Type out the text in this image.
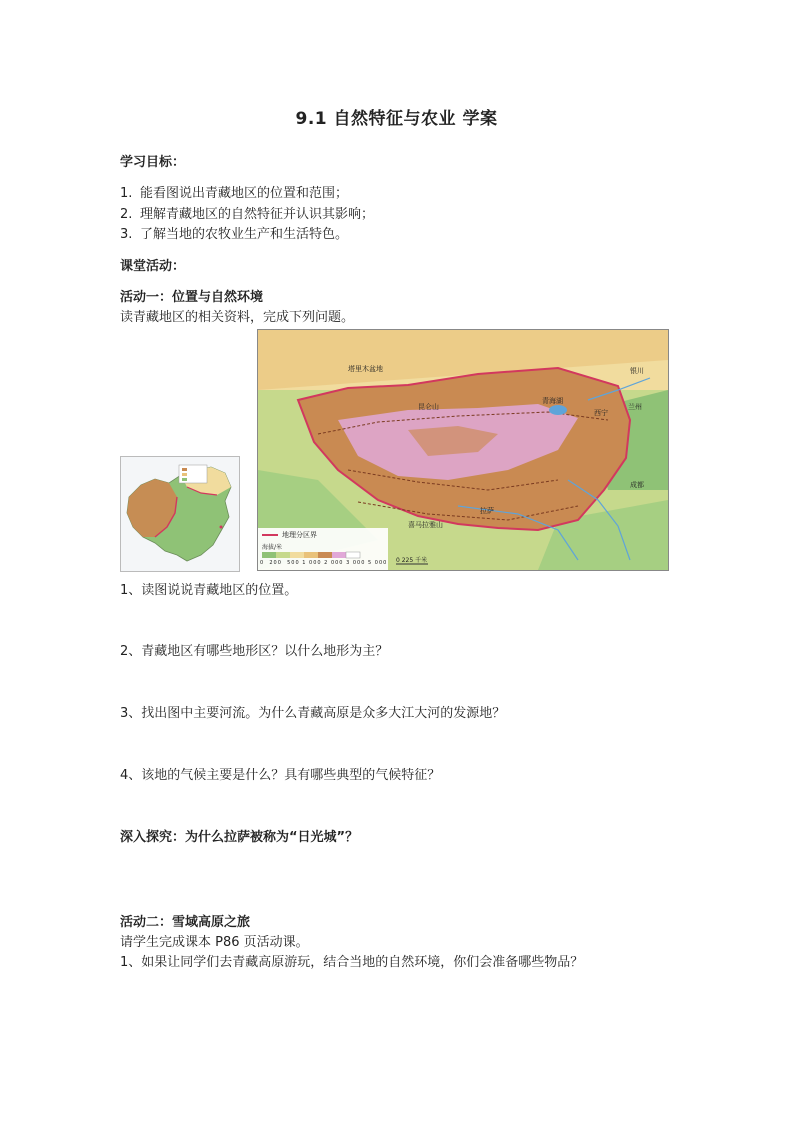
9.1 自然特征与农业 学案
学习目标：
1. 能看图说出青藏地区的位置和范围；
2. 理解青藏地区的自然特征并认识其影响；
3. 了解当地的农牧业生产和生活特色。
课堂活动：
活动一：位置与自然环境
读青藏地区的相关资料，完成下列问题。
地理分区界
海拔/米
0 200 500 1 000 2 000 3 000 5 000 0 225 千米
银川
兰州
西宁
成都
拉萨
塔里木盆地
青海湖
喜马拉雅山
昆仑山
1、读图说说青藏地区的位置。
2、青藏地区有哪些地形区？以什么地形为主？
3、找出图中主要河流。为什么青藏高原是众多大江大河的发源地？
4、该地的气候主要是什么？具有哪些典型的气候特征？
深入探究：为什么拉萨被称为“日光城”？
活动二：雪域高原之旅
请学生完成课本 P86 页活动课。
1、如果让同学们去青藏高原游玩，结合当地的自然环境，你们会准备哪些物品？
